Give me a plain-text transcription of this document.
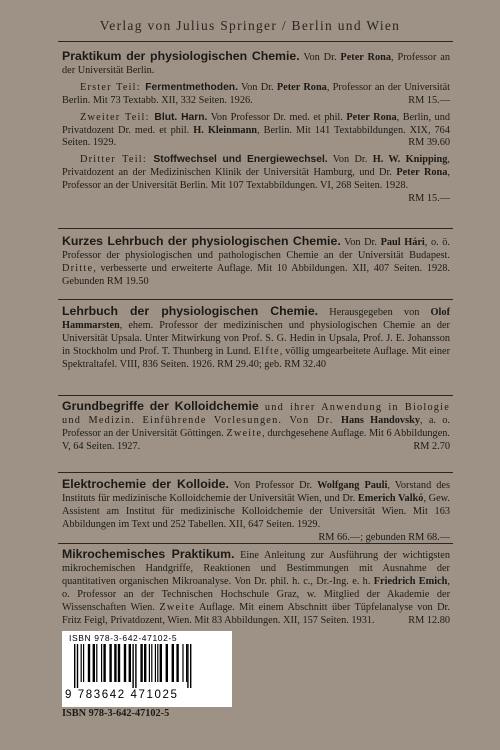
Verlag von Julius Springer / Berlin und Wien

Praktikum der physiologischen Chemie. Von Dr. Peter Rona, Professor an der Universität Berlin.

Erster Teil: Fermentmethoden. Von Dr. Peter Rona, Professor an der Universität Berlin. Mit 73 Textabb. XII, 332 Seiten. 1926.	RM 15.—

Zweiter Teil: Blut. Harn. Von Professor Dr. med. et phil. Peter Rona, Berlin, und Privatdozent Dr. med. et phil. H. Kleinmann, Berlin. Mit 141 Textabbildungen. XIX, 764 Seiten. 1929.	RM 39.60

Dritter Teil: Stoffwechsel und Energiewechsel. Von Dr. H. W. Knipping, Privatdozent an der Medizinischen Klinik der Universität Hamburg, und Dr. Peter Rona, Professor an der Universität Berlin. Mit 107 Textabbildungen. VI, 268 Seiten. 1928.
RM 15.—

Kurzes Lehrbuch der physiologischen Chemie. Von Dr. Paul Hári, o. ö. Professor der physiologischen und pathologischen Chemie an der Universität Budapest. Dritte, verbesserte und erweiterte Auflage. Mit 10 Abbildungen. XII, 407 Seiten. 1928. Gebunden RM 19.50

Lehrbuch der physiologischen Chemie. Herausgegeben von Olof Hammarsten, ehem. Professor der medizinischen und physiologischen Chemie an der Universität Upsala. Unter Mitwirkung von Prof. S. G. Hedin in Upsala, Prof. J. E. Johansson in Stockholm und Prof. T. Thunberg in Lund. Elfte, völlig umgearbeitete Auflage. Mit einer Spektraltafel. VIII, 836 Seiten. 1926. RM 29.40; geb. RM 32.40

Grundbegriffe der Kolloidchemie und ihrer Anwendung in Biologie und Medizin. Einführende Vorlesungen. Von Dr. Hans Handovsky, a. o. Professor an der Universität Göttingen. Zweite, durchgesehene Auflage. Mit 6 Abbildungen. V, 64 Seiten. 1927.	RM 2.70

Elektrochemie der Kolloide. Von Professor Dr. Wolfgang Pauli, Vorstand des Instituts für medizinische Kolloidchemie der Universität Wien, und Dr. Emerich Valkó, Gew. Assistent am Institut für medizinische Kolloidchemie der Universität Wien. Mit 163 Abbildungen im Text und 252 Tabellen. XII, 647 Seiten. 1929.
RM 66.—; gebunden RM 68.—

Mikrochemisches Praktikum. Eine Anleitung zur Ausführung der wichtigsten mikrochemischen Handgriffe, Reaktionen und Bestimmungen mit Ausnahme der quantitativen organischen Mikroanalyse. Von Dr. phil. h. c., Dr.-Ing. e. h. Friedrich Emich, o. Professor an der Technischen Hochschule Graz, w. Mitglied der Akademie der Wissenschaften Wien. Zweite Auflage. Mit einem Abschnitt über Tüpfelanalyse von Dr. Fritz Feigl, Privatdozent, Wien. Mit 83 Abbildungen. XII, 157 Seiten. 1931.	RM 12.80

ISBN 978-3-642-47102-5
9 783642 471025
ISBN 978-3-642-47102-5
